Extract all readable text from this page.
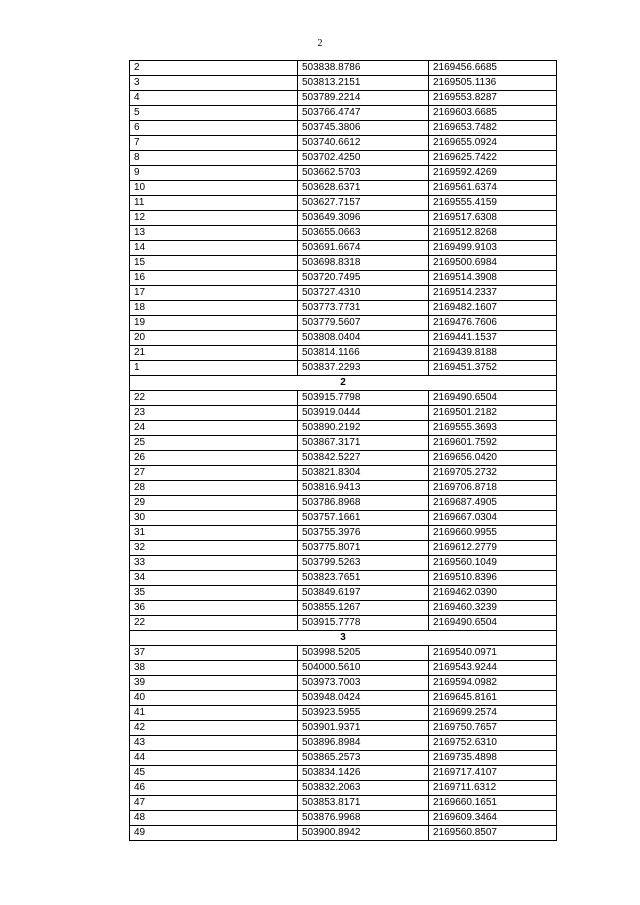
2
2	503838.8786	2169456.6685
3	503813.2151	2169505.1136
4	503789.2214	2169553.8287
5	503766.4747	2169603.6685
6	503745.3806	2169653.7482
7	503740.6612	2169655.0924
8	503702.4250	2169625.7422
9	503662.5703	2169592.4269
10	503628.6371	2169561.6374
11	503627.7157	2169555.4159
12	503649.3096	2169517.6308
13	503655.0663	2169512.8268
14	503691.6674	2169499.9103
15	503698.8318	2169500.6984
16	503720.7495	2169514.3908
17	503727.4310	2169514.2337
18	503773.7731	2169482.1607
19	503779.5607	2169476.7606
20	503808.0404	2169441.1537
21	503814.1166	2169439.8188
1	503837.2293	2169451.3752
2		
22	503915.7798	2169490.6504
23	503919.0444	2169501.2182
24	503890.2192	2169555.3693
25	503867.3171	2169601.7592
26	503842.5227	2169656.0420
27	503821.8304	2169705.2732
28	503816.9413	2169706.8718
29	503786.8968	2169687.4905
30	503757.1661	2169667.0304
31	503755.3976	2169660.9955
32	503775.8071	2169612.2779
33	503799.5263	2169560.1049
34	503823.7651	2169510.8396
35	503849.6197	2169462.0390
36	503855.1267	2169460.3239
22	503915.7778	2169490.6504
3		
37	503998.5205	2169540.0971
38	504000.5610	2169543.9244
39	503973.7003	2169594.0982
40	503948.0424	2169645.8161
41	503923.5955	2169699.2574
42	503901.9371	2169750.7657
43	503896.8984	2169752.6310
44	503865.2573	2169735.4898
45	503834.1426	2169717.4107
46	503832.2063	2169711.6312
47	503853.8171	2169660.1651
48	503876.9968	2169609.3464
49	503900.8942	2169560.8507
